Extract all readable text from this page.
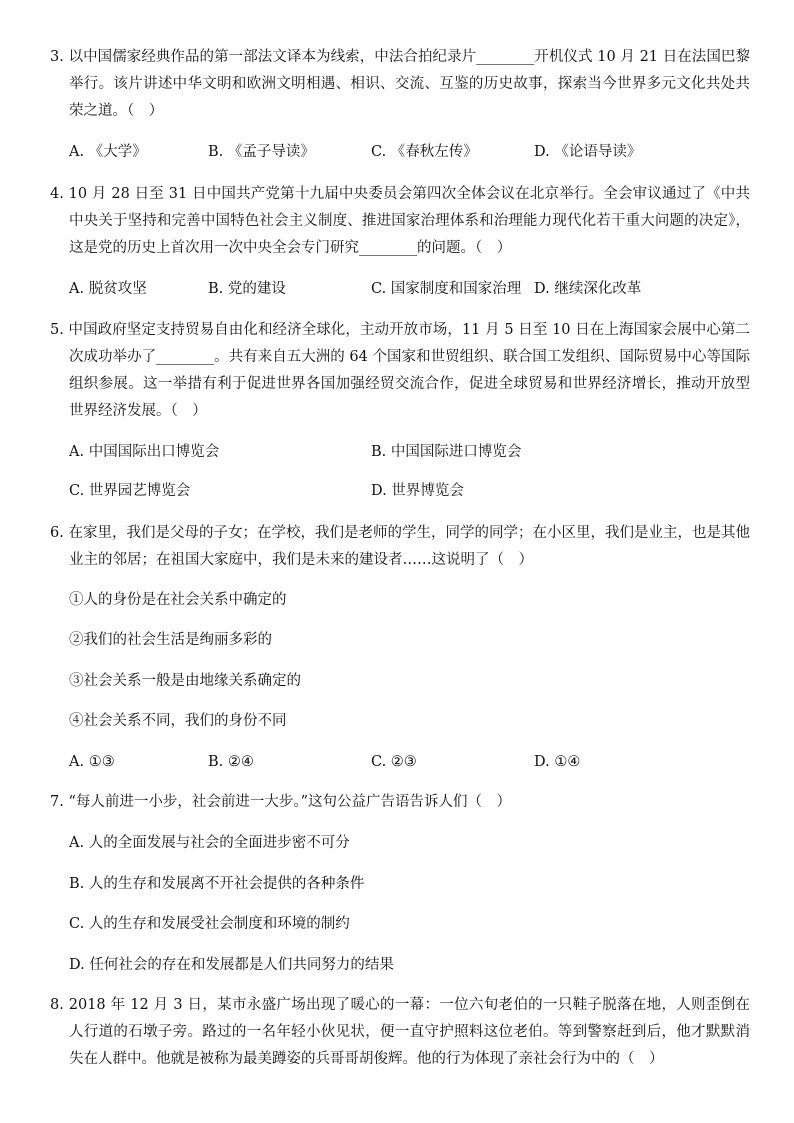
3. 以中国儒家经典作品的第一部法文译本为线索，中法合拍纪录片________开机仪式 10 月 21 日在法国巴黎举行。该片讲述中华文明和欧洲文明相遇、相识、交流、互鉴的历史故事，探索当今世界多元文化共处共荣之道。（　）
A. 《大学》	B. 《孟子导读》	C. 《春秋左传》	D. 《论语导读》
4. 10 月 28 日至 31 日中国共产党第十九届中央委员会第四次全体会议在北京举行。全会审议通过了《中共中央关于坚持和完善中国特色社会主义制度、推进国家治理体系和治理能力现代化若干重大问题的决定》，这是党的历史上首次用一次中央全会专门研究________的问题。（　）
A. 脱贫攻坚	B. 党的建设	C. 国家制度和国家治理 D. 继续深化改革
5. 中国政府坚定支持贸易自由化和经济全球化，主动开放市场，11 月 5 日至 10 日在上海国家会展中心第二次成功举办了________。共有来自五大洲的 64 个国家和世贸组织、联合国工发组织、国际贸易中心等国际组织参展。这一举措有利于促进世界各国加强经贸交流合作，促进全球贸易和世界经济增长，推动开放型世界经济发展。（　）
A. 中国国际出口博览会	B. 中国国际进口博览会
C. 世界园艺博览会	D. 世界博览会
6. 在家里，我们是父母的子女；在学校，我们是老师的学生，同学的同学；在小区里，我们是业主，也是其他业主的邻居；在祖国大家庭中，我们是未来的建设者……这说明了（　）
①人的身份是在社会关系中确定的
②我们的社会生活是绚丽多彩的
③社会关系一般是由地缘关系确定的
④社会关系不同，我们的身份不同
A. ①③	B. ②④	C. ②③	D. ①④
7. “每人前进一小步，社会前进一大步。”这句公益广告语告诉人们（　）
A. 人的全面发展与社会的全面进步密不可分
B. 人的生存和发展离不开社会提供的各种条件
C. 人的生存和发展受社会制度和环境的制约
D. 任何社会的存在和发展都是人们共同努力的结果
8. 2018 年 12 月 3 日，某市永盛广场出现了暖心的一幕：一位六旬老伯的一只鞋子脱落在地，人则歪倒在人行道的石墩子旁。路过的一名年轻小伙见状，便一直守护照料这位老伯。等到警察赶到后，他才默默消失在人群中。他就是被称为最美蹲姿的兵哥哥胡俊辉。他的行为体现了亲社会行为中的（　）
